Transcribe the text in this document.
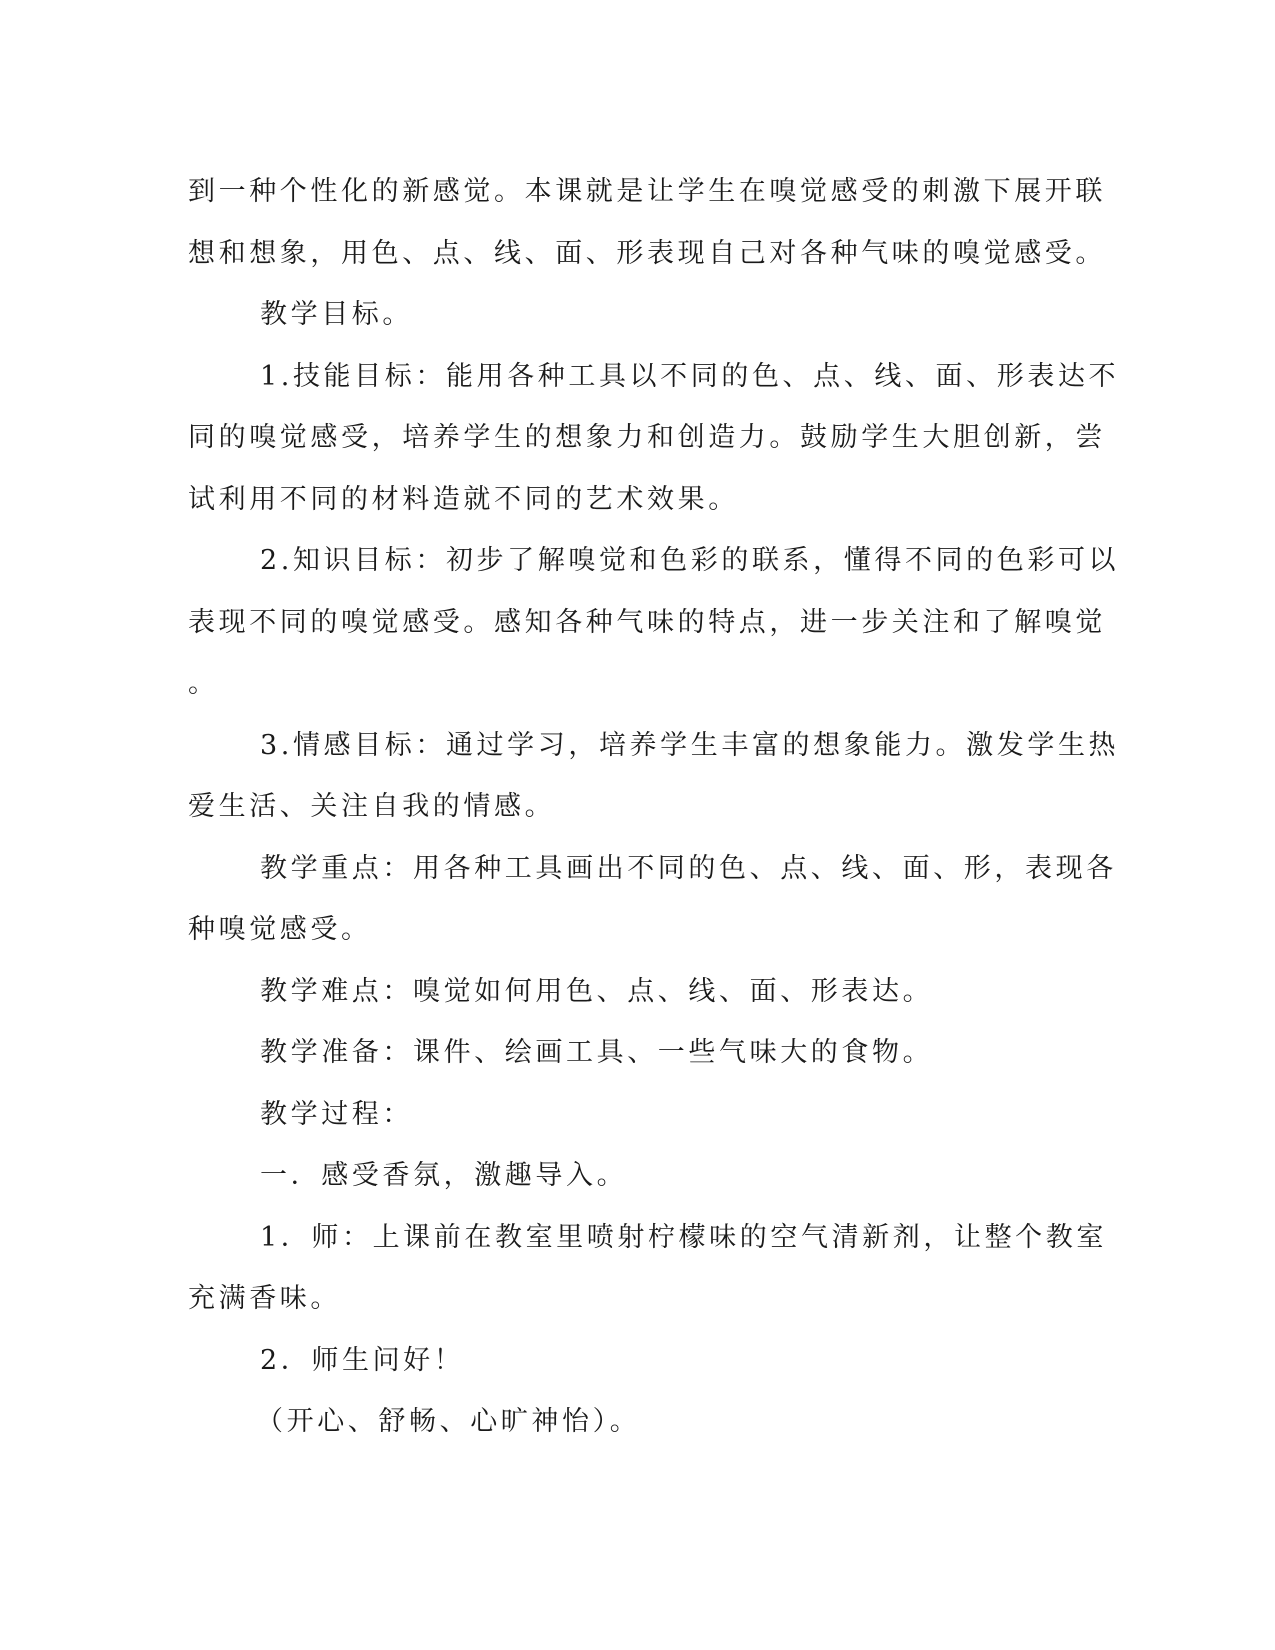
到一种个性化的新感觉。本课就是让学生在嗅觉感受的刺激下展开联

想和想象，用色、点、线、面、形表现自己对各种气味的嗅觉感受。

教学目标。

1.技能目标：能用各种工具以不同的色、点、线、面、形表达不

同的嗅觉感受，培养学生的想象力和创造力。鼓励学生大胆创新，尝

试利用不同的材料造就不同的艺术效果。

2.知识目标：初步了解嗅觉和色彩的联系，懂得不同的色彩可以

表现不同的嗅觉感受。感知各种气味的特点，进一步关注和了解嗅觉

。

3.情感目标：通过学习，培养学生丰富的想象能力。激发学生热

爱生活、关注自我的情感。

教学重点：用各种工具画出不同的色、点、线、面、形，表现各

种嗅觉感受。

教学难点：嗅觉如何用色、点、线、面、形表达。

教学准备：课件、绘画工具、一些气味大的食物。

教学过程：

一．感受香氛，激趣导入。

1．师：上课前在教室里喷射柠檬味的空气清新剂，让整个教室

充满香味。

2．师生问好！

（开心、舒畅、心旷神怡）。
